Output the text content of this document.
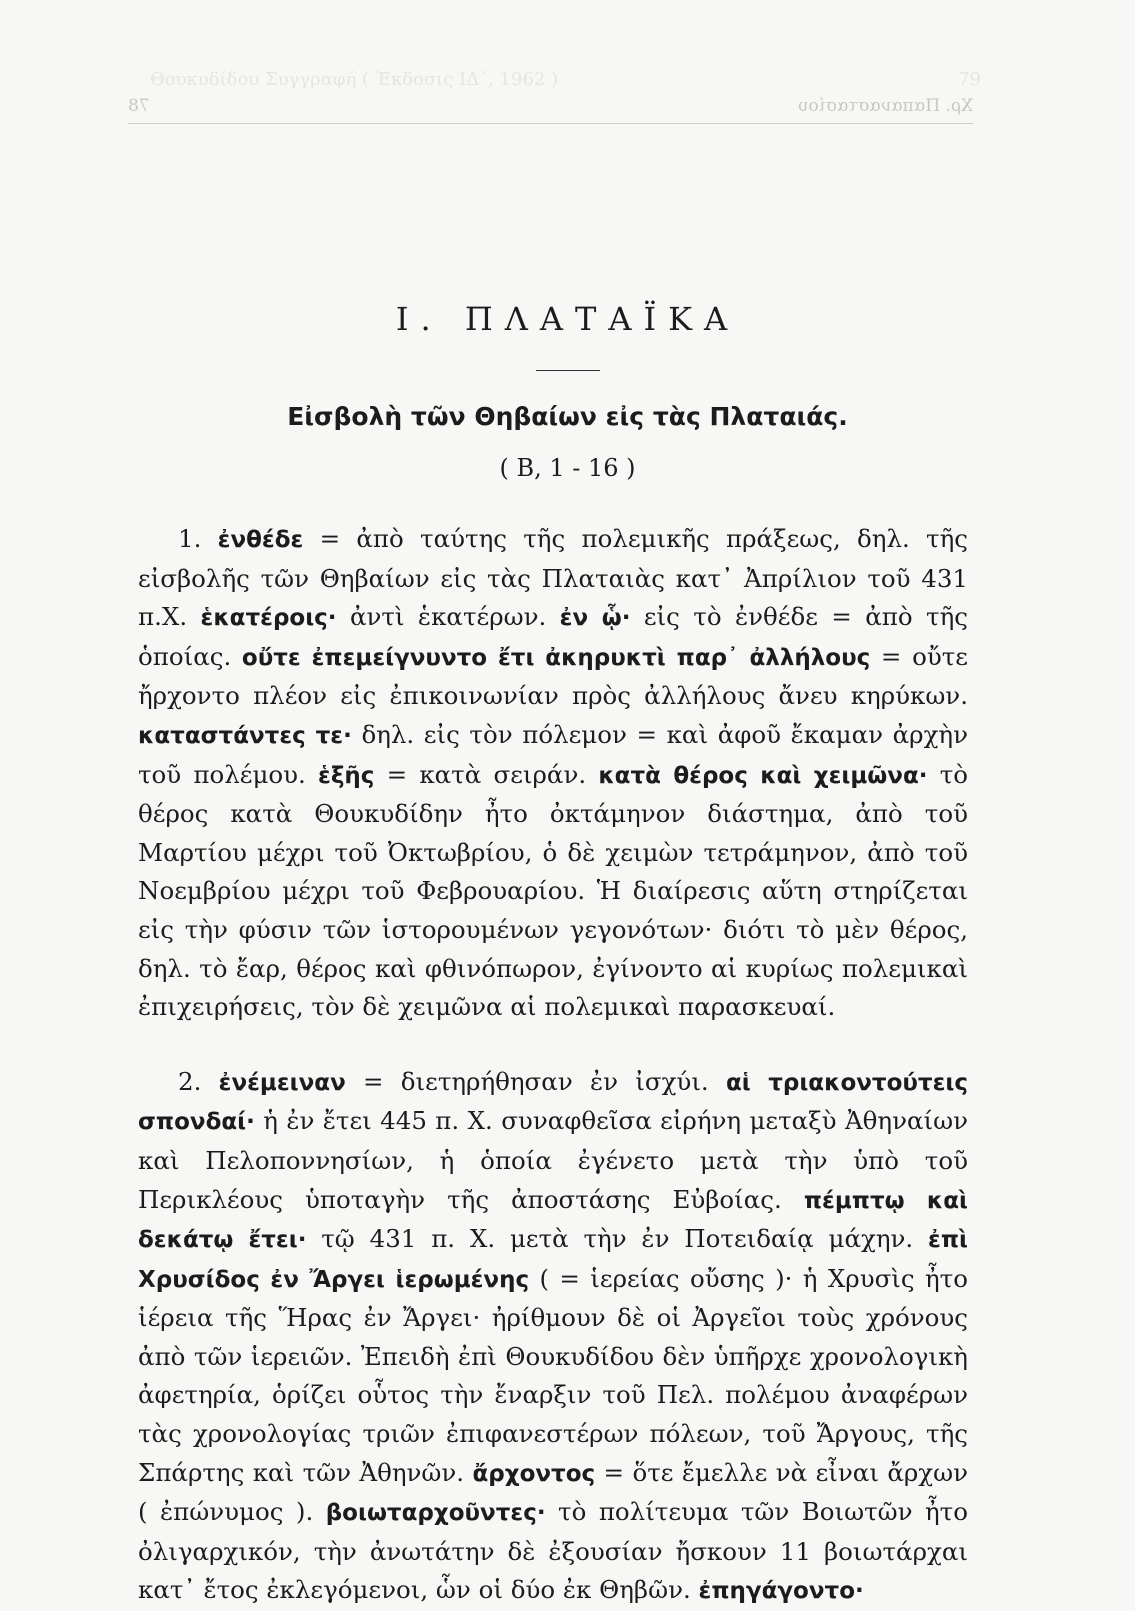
Θουκυδίδου Συγγραφή ( Έκδοσις ΙΔ΄, 1962 )	79
Χρ. Παπαναστασίου
78
I. ΠΛΑΤΑΪΚΑ
Εἰσβολὴ τῶν Θηβαίων εἰς τὰς Πλαταιάς.
( Β, 1 - 16 )

1. ἐνθέδε = ἀπὸ ταύτης τῆς πολεμικῆς πράξεως, δηλ. τῆς εἰσβολῆς τῶν Θηβαίων εἰς τὰς Πλαταιὰς κατ᾽ Ἀπρίλιον τοῦ 431 π.Χ. ἑκατέροις· ἀντὶ ἑκατέρων. ἐν ᾧ· εἰς τὸ ἐνθέδε = ἀπὸ τῆς ὁποίας. οὔτε ἐπεμείγνυντο ἔτι ἀκηρυκτὶ παρ᾽ ἀλλήλους = οὔτε ἤρχοντο πλέον εἰς ἐπικοινωνίαν πρὸς ἀλλήλους ἄνευ κηρύκων. καταστάντες τε· δηλ. εἰς τὸν πόλεμον = καὶ ἀφοῦ ἔκαμαν ἀρχὴν τοῦ πολέμου. ἑξῆς = κατὰ σειράν. κατὰ θέρος καὶ χειμῶνα· τὸ θέρος κατὰ Θουκυδίδην ἦτο ὀκτάμηνον διάστημα, ἀπὸ τοῦ Μαρτίου μέχρι τοῦ Ὀκτωβρίου, ὁ δὲ χειμὼν τετράμηνον, ἀπὸ τοῦ Νοεμβρίου μέχρι τοῦ Φεβρουαρίου. Ἡ διαίρεσις αὕτη στηρίζεται εἰς τὴν φύσιν τῶν ἱστορουμένων γεγονότων· διότι τὸ μὲν θέρος, δηλ. τὸ ἔαρ, θέρος καὶ φθινόπωρον, ἐγίνοντο αἱ κυρίως πολεμικαὶ ἐπιχειρήσεις, τὸν δὲ χειμῶνα αἱ πολεμικαὶ παρασκευαί.

2. ἐνέμειναν = διετηρήθησαν ἐν ἰσχύι. αἱ τριακοντούτεις σπονδαί· ἡ ἐν ἔτει 445 π. Χ. συναφθεῖσα εἰρήνη μεταξὺ Ἀθηναίων καὶ Πελοποννησίων, ἡ ὁποία ἐγένετο μετὰ τὴν ὑπὸ τοῦ Περικλέους ὑποταγὴν τῆς ἀποστάσης Εὐβοίας. πέμπτῳ καὶ δεκάτῳ ἔτει· τῷ 431 π. Χ. μετὰ τὴν ἐν Ποτειδαίᾳ μάχην. ἐπὶ Χρυσίδος ἐν Ἄργει ἱερωμένης ( = ἱερείας οὔσης )· ἡ Χρυσὶς ἦτο ἱέρεια τῆς Ἥρας ἐν Ἄργει· ἠρίθμουν δὲ οἱ Ἀργεῖοι τοὺς χρόνους ἀπὸ τῶν ἱερειῶν. Ἐπειδὴ ἐπὶ Θουκυδίδου δὲν ὑπῆρχε χρονολογικὴ ἀφετηρία, ὁρίζει οὗτος τὴν ἔναρξιν τοῦ Πελ. πολέμου ἀναφέρων τὰς χρονολογίας τριῶν ἐπιφανεστέρων πόλεων, τοῦ Ἄργους, τῆς Σπάρτης καὶ τῶν Ἀθηνῶν. ἄρχοντος = ὅτε ἔμελλε νὰ εἶναι ἄρχων ( ἐπώνυμος ). βοιωταρχοῦντες· τὸ πολίτευμα τῶν Βοιωτῶν ἦτο ὀλιγαρχικόν, τὴν ἀνωτάτην δὲ ἐξουσίαν ἤσκουν 11 βοιωτάρχαι κατ᾽ ἔτος ἐκλεγόμενοι, ὧν οἱ δύο ἐκ Θηβῶν. ἐπηγάγοντο·
